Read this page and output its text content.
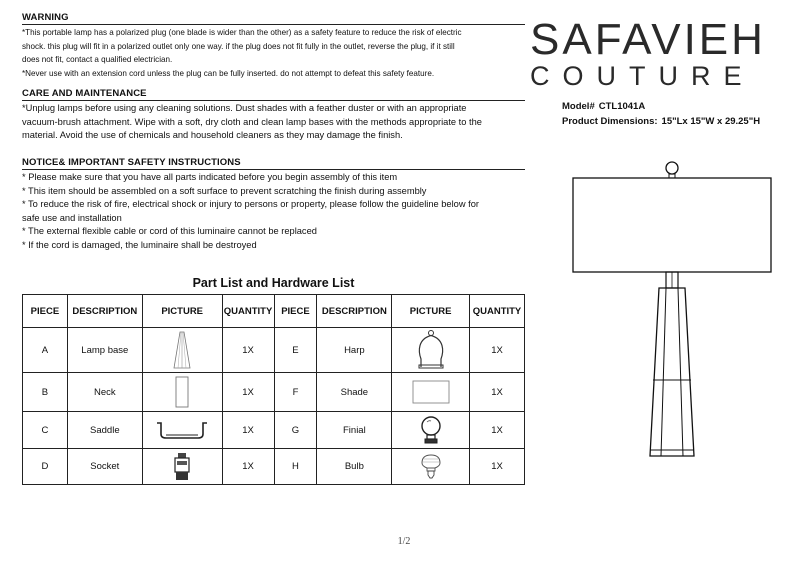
WARNING

*This portable lamp has a polarized plug (one blade is wider than the other) as a safety feature to reduce the risk of electric

shock. this plug will fit in a polarized outlet only one way. if the plug does not fit fully in the outlet, reverse the plug, if it still

does not fit, contact a qualified electrician.

*Never use with an extension cord unless the plug can be fully inserted. do not attempt to defeat this safety feature.

CARE AND MAINTENANCE

*Unplug lamps before using any cleaning solutions. Dust shades with a feather duster or with an appropriate

vacuum-brush attachment. Wipe with a soft, dry cloth and clean lamp bases with the methods appropriate to the

material. Avoid the use of chemicals and household cleaners as they may damage the finish.

NOTICE& IMPORTANT SAFETY INSTRUCTIONS

* Please make sure that you have all parts indicated before you begin assembly of this item

* This item should be assembled on a soft surface to prevent scratching the finish during assembly

* To reduce the risk of fire, electrical shock or injury to persons or property, please follow the guideline below for

safe use and installation

* The external flexible cable or cord of this luminaire cannot be replaced

* If the cord is damaged, the luminaire shall be destroyed

Part List and Hardware List
PIECE	DESCRIPTION	PICTURE	QUANTITY	PIECE	DESCRIPTION	PICTURE	QUANTITY
A	Lamp base		1X	E	Harp		1X
B	Neck		1X	F	Shade		1X
C	Saddle		1X	G	Finial		1X
D	Socket		1X	H	Bulb		1X
SAFAVIEH
COUTURE
Model# CTL1041A
Product Dimensions: 15"Lx 15"W x 29.25"H
1/2
